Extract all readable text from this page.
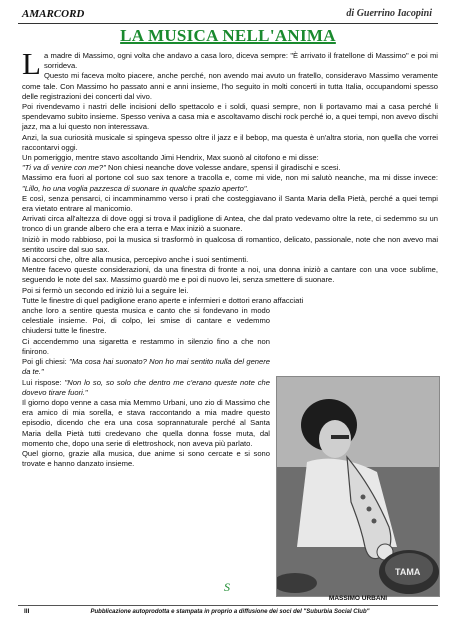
AMARCORD	di Guerrino Iacopini
LA MUSICA NELL'ANIMA

La madre di Massimo, ogni volta che andavo a casa loro, diceva sempre: "È arrivato il fratellone di Massimo" e poi mi sorrideva.

Questo mi faceva molto piacere, anche perché, non avendo mai avuto un fratello, consideravo Massimo veramente come tale. Con Massimo ho passato anni e anni insieme, l'ho seguito in molti concerti in tutta Italia, occupandomi spesso delle registrazioni dei concerti dal vivo.

Poi rivendevamo i nastri delle incisioni dello spettacolo e i soldi, quasi sempre, non li portavamo mai a casa perché li spendevamo subito insieme. Spesso veniva a casa mia e ascoltavamo dischi rock perché io, a quei tempi, non avevo dischi jazz, ma a lui questo non interessava.

Anzi, la sua curiosità musicale si spingeva spesso oltre il jazz e il bebop, ma questa è un'altra storia, non quella che vorrei raccontarvi oggi.

Un pomeriggio, mentre stavo ascoltando Jimi Hendrix, Max suonò al citofono e mi disse:
"Ti va di venire con me?" Non chiesi neanche dove volesse andare, spensi il giradischi e scesi.

Massimo era fuori al portone col suo sax tenore a tracolla e, come mi vide, non mi salutò neanche, ma mi disse invece: "Lillo, ho una voglia pazzesca di suonare in qualche spazio aperto".

E così, senza pensarci, ci incamminammo verso i prati che costeggiavano il Santa Maria della Pietà, perché a quei tempi era vietato entrare al manicomio.

Arrivati circa all'altezza di dove oggi si trova il padiglione di Antea, che dal prato vedevamo oltre la rete, ci sedemmo su un tronco di un grande albero che era a terra e Max iniziò a suonare.

Iniziò in modo rabbioso, poi la musica si trasformò in qualcosa di romantico, delicato, passionale, note che non avevo mai sentito uscire dal suo sax.

Mi accorsi che, oltre alla musica, percepivo anche i suoi sentimenti.

Mentre facevo queste considerazioni, da una finestra di fronte a noi, una donna iniziò a cantare con una voce sublime, seguendo le note del sax. Massimo guardò me e poi di nuovo lei, senza smettere di suonare.

Poi si fermò un secondo ed iniziò lui a seguire lei.

Tutte le finestre di quel padiglione erano aperte e infermieri e dottori erano affacciati

anche loro a sentire questa musica e canto che si fondevano in modo celestiale insieme. Poi, di colpo, lei smise di cantare e vedemmo chiudersi tutte le finestre.

Ci accendemmo una sigaretta e restammo in silenzio fino a che non finirono.

Poi gli chiesi: "Ma cosa hai suonato? Non ho mai sentito nulla del genere da te."

Lui rispose: "Non lo so, so solo che dentro me c'erano queste note che dovevo tirare fuori."

Il giorno dopo venne a casa mia Memmo Urbani, uno zio di Massimo che era amico di mia sorella, e stava raccontando a mia madre questo episodio, dicendo che era una cosa soprannaturale perché al Santa Maria della Pietà tutti credevano che quella donna fosse muta, dal momento che, dopo una serie di elettroshock, non aveva più parlato.

Quel giorno, grazie alla musica, due anime si sono cercate e si sono trovate e hanno danzato insieme.

S
TAMA
MASSIMO URBANI
III	Pubblicazione autoprodotta e stampata in proprio a diffusione dei soci del "Suburbia Social Club"
